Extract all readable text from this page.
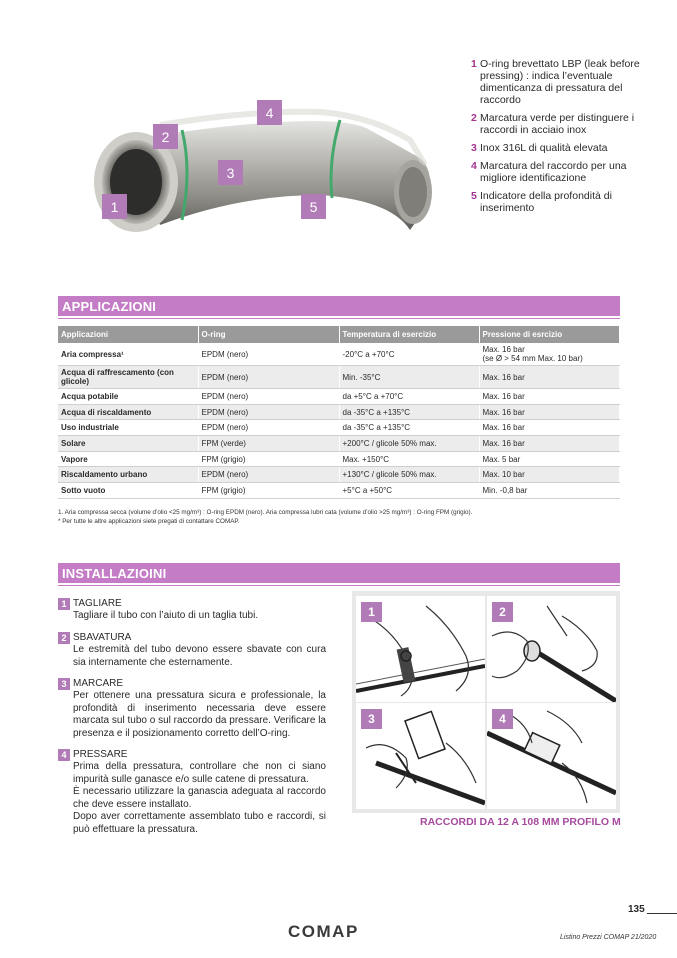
1
2
3
4
5
1 O-ring brevettato LBP (leak before pressing) : indica l’eventuale dimenticanza di pressatura del raccordo
2 Marcatura verde per distinguere i raccordi in acciaio inox
3 Inox 316L di qualità elevata
4 Marcatura del raccordo per una migliore identificazione
5 Indicatore della profondità di inserimento
APPLICAZIONI
Applicazioni	O-ring	Temperatura di esercizio	Pressione di esrcizio
Aria compressa¹	EPDM (nero)	-20°C a +70°C	Max. 16 bar
(se Ø > 54 mm Max. 10 bar)

Acqua di raffrescamento (con glicole)	EPDM (nero)	Min. -35°C	Max. 16 bar
Acqua potabile	EPDM (nero)	da +5°C a +70°C	Max. 16 bar
Acqua di riscaldamento	EPDM (nero)	da -35°C a +135°C	Max. 16 bar
Uso industriale	EPDM (nero)	da -35°C a +135°C	Max. 16 bar
Solare	FPM (verde)	+200°C / glicole 50% max.	Max. 16 bar
Vapore	FPM (grigio)	Max. +150°C	Max. 5 bar
Riscaldamento urbano	EPDM (nero)	+130°C / glicole 50% max.	Max. 10 bar
Sotto vuoto	FPM (grigio)	+5°C a +50°C	Min. -0,8 bar
1. Aria compressa secca (volume d’olio <25 mg/m³) : O-ring EPDM (nero). Aria compressa lubri cata (volume d’olio >25 mg/m³) : O-ring FPM (grigio).
* Per tutte le altre applicazioni siete pregati di contattare COMAP.
INSTALLAZIOINI
1 TAGLIARE
Tagliare il tubo con l’aiuto di un taglia tubi.
2 SBAVATURA
Le estremità del tubo devono essere sbavate con cura sia internamente che esternamente.
3 MARCARE
Per ottenere una pressatura sicura e professionale, la profondità di inserimento necessaria deve essere marcata sul tubo o sul raccordo da pressare. Verificare la presenza e il posizionamento corretto dell’O-ring.
4 PRESSARE
Prima della pressatura, controllare che non ci siano impurità sulle ganasce e/o sulle catene di pressatura.
È necessario utilizzare la ganascia adeguata al raccordo che deve essere installato.
Dopo aver correttamente assemblato tubo e raccordi, si può effettuare la pressatura.
1	2
3	4
RACCORDI DA 12 A 108 MM PROFILO M
135
COMAP	Listino Prezzi COMAP 21/2020
